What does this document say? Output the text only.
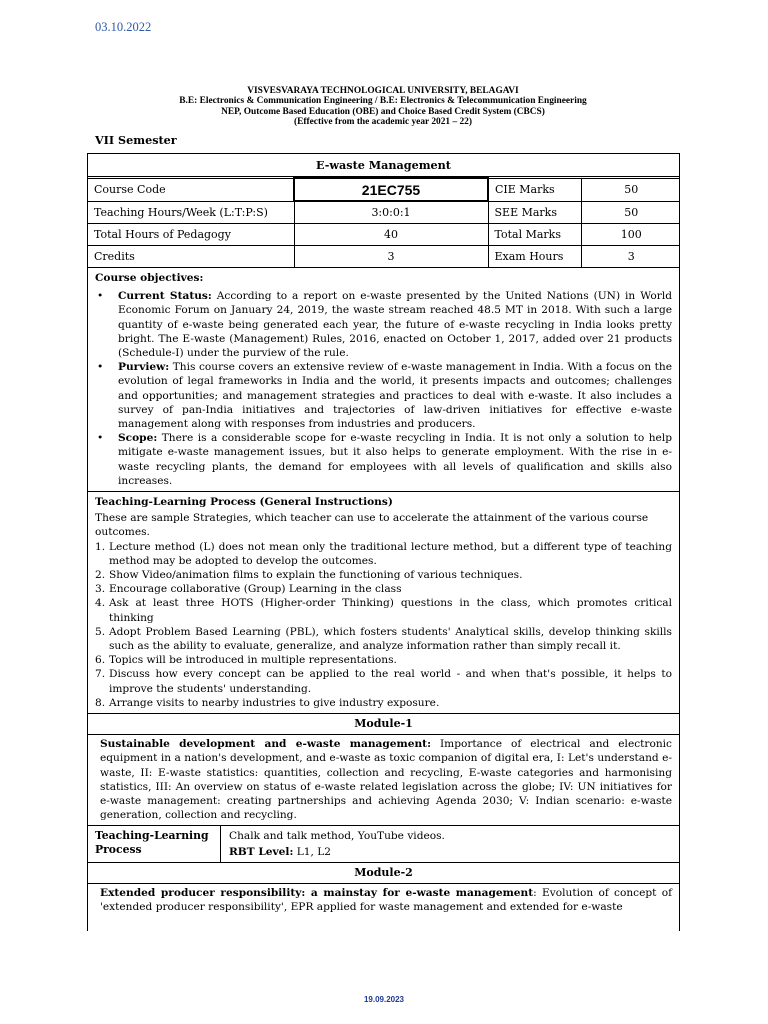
03.10.2022
VISVESVARAYA TECHNOLOGICAL UNIVERSITY, BELAGAVI
B.E: Electronics & Communication Engineering / B.E: Electronics & Telecommunication Engineering
NEP, Outcome Based Education (OBE) and Choice Based Credit System (CBCS)
(Effective from the academic year 2021 – 22)
VII Semester
E-waste Management
Course Code	21EC755	CIE Marks	50
Teaching Hours/Week (L:T:P:S)	3:0:0:1	SEE Marks	50
Total Hours of Pedagogy	40	Total Marks	100
Credits	3	Exam Hours	3
Course objectives:
• Current Status: According to a report on e-waste presented by the United Nations (UN) in World Economic Forum on January 24, 2019, the waste stream reached 48.5 MT in 2018. With such a large quantity of e-waste being generated each year, the future of e-waste recycling in India looks pretty bright. The E-waste (Management) Rules, 2016, enacted on October 1, 2017, added over 21 products (Schedule-I) under the purview of the rule.
• Purview: This course covers an extensive review of e-waste management in India. With a focus on the evolution of legal frameworks in India and the world, it presents impacts and outcomes; challenges and opportunities; and management strategies and practices to deal with e-waste. It also includes a survey of pan-India initiatives and trajectories of law-driven initiatives for effective e-waste management along with responses from industries and producers.
• Scope: There is a considerable scope for e-waste recycling in India. It is not only a solution to help mitigate e-waste management issues, but it also helps to generate employment. With the rise in e-waste recycling plants, the demand for employees with all levels of qualification and skills also increases.
Teaching-Learning Process (General Instructions)
These are sample Strategies, which teacher can use to accelerate the attainment of the various course outcomes.
1. Lecture method (L) does not mean only the traditional lecture method, but a different type of teaching method may be adopted to develop the outcomes.
2. Show Video/animation films to explain the functioning of various techniques.
3. Encourage collaborative (Group) Learning in the class
4. Ask at least three HOTS (Higher-order Thinking) questions in the class, which promotes critical thinking
5. Adopt Problem Based Learning (PBL), which fosters students' Analytical skills, develop thinking skills such as the ability to evaluate, generalize, and analyze information rather than simply recall it.
6. Topics will be introduced in multiple representations.
7. Discuss how every concept can be applied to the real world - and when that's possible, it helps to improve the students' understanding.
8. Arrange visits to nearby industries to give industry exposure.
Module-1
Sustainable development and e-waste management: Importance of electrical and electronic equipment in a nation's development, and e-waste as toxic companion of digital era, I: Let's understand e-waste, II: E-waste statistics: quantities, collection and recycling, E-waste categories and harmonising statistics, III: An overview on status of e-waste related legislation across the globe; IV: UN initiatives for e-waste management: creating partnerships and achieving Agenda 2030; V: Indian scenario: e-waste generation, collection and recycling.
Teaching-Learning Process
Chalk and talk method, YouTube videos.
RBT Level: L1, L2
Module-2
Extended producer responsibility: a mainstay for e-waste management: Evolution of concept of 'extended producer responsibility', EPR applied for waste management and extended for e-waste
19.09.2023
